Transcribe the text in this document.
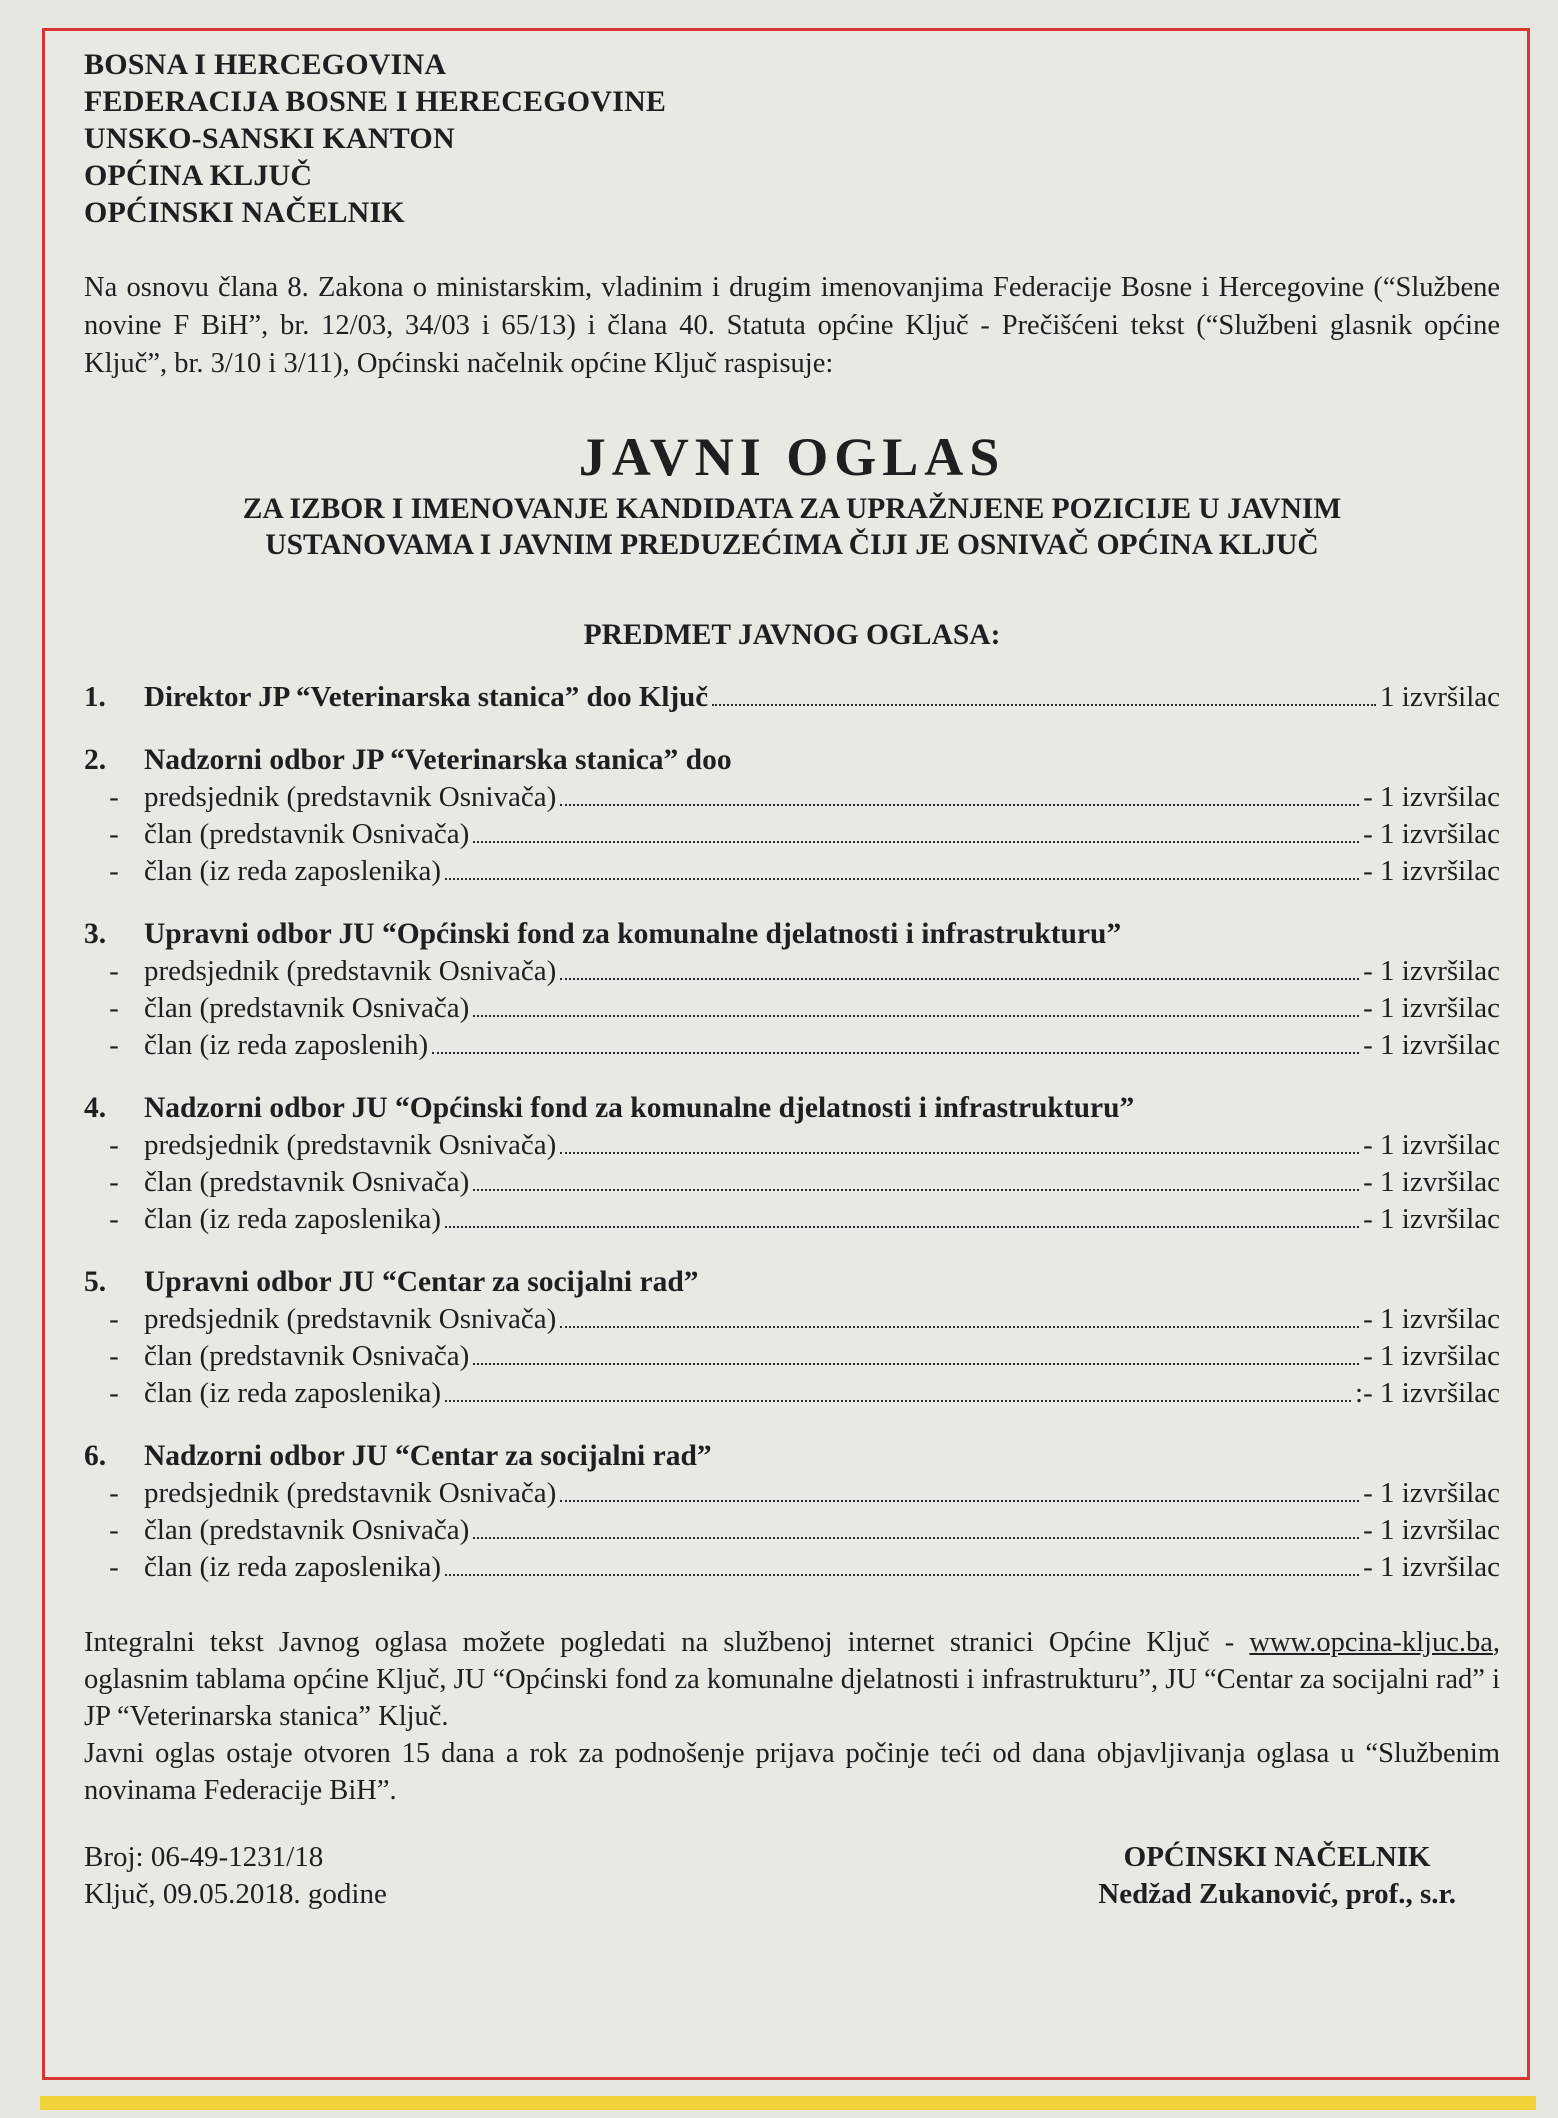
BOSNA I HERCEGOVINA
FEDERACIJA BOSNE I HERECEGOVINE
UNSKO-SANSKI KANTON
OPĆINA KLJUČ
OPĆINSKI NAČELNIK
Na osnovu člana 8. Zakona o ministarskim, vladinim i drugim imenovanjima Federacije Bosne i Hercegovine (“Službene novine F BiH”, br. 12/03, 34/03 i 65/13) i člana 40. Statuta općine Ključ - Prečišćeni tekst (“Službeni glasnik općine Ključ”, br. 3/10 i 3/11), Općinski načelnik općine Ključ raspisuje:
JAVNI OGLAS
ZA IZBOR I IMENOVANJE KANDIDATA ZA UPRAŽNJENE POZICIJE U JAVNIM
USTANOVAMA I JAVNIM PREDUZEĆIMA ČIJI JE OSNIVAČ OPĆINA KLJUČ
PREDMET JAVNOG OGLASA:
1.	Direktor JP “Veterinarska stanica” doo Ključ	1 izvršilac
2.	Nadzorni odbor JP “Veterinarska stanica” doo
- predsjednik (predstavnik Osnivača)	- 1 izvršilac
- član (predstavnik Osnivača)	- 1 izvršilac
- član (iz reda zaposlenika)	- 1 izvršilac
3.	Upravni odbor JU “Općinski fond za komunalne djelatnosti i infrastrukturu”
- predsjednik (predstavnik Osnivača)	- 1 izvršilac
- član (predstavnik Osnivača)	- 1 izvršilac
- član (iz reda zaposlenih)	- 1 izvršilac
4.	Nadzorni odbor JU “Općinski fond za komunalne djelatnosti i infrastrukturu”
- predsjednik (predstavnik Osnivača)	- 1 izvršilac
- član (predstavnik Osnivača)	- 1 izvršilac
- član (iz reda zaposlenika)	- 1 izvršilac
5.	Upravni odbor JU “Centar za socijalni rad”
- predsjednik (predstavnik Osnivača)	- 1 izvršilac
- član (predstavnik Osnivača)	- 1 izvršilac
- član (iz reda zaposlenika)	:- 1 izvršilac
6.	Nadzorni odbor JU “Centar za socijalni rad”
- predsjednik (predstavnik Osnivača)	- 1 izvršilac
- član (predstavnik Osnivača)	- 1 izvršilac
- član (iz reda zaposlenika)	- 1 izvršilac
Integralni tekst Javnog oglasa možete pogledati na službenoj internet stranici Općine Ključ - www.opcina-kljuc.ba, oglasnim tablama općine Ključ, JU “Općinski fond za komunalne djelatnosti i infrastrukturu”, JU “Centar za socijalni rad” i JP “Veterinarska stanica” Ključ.
Javni oglas ostaje otvoren 15 dana a rok za podnošenje prijava počinje teći od dana objavljivanja oglasa u “Službenim novinama Federacije BiH”.
Broj: 06-49-1231/18
Ključ, 09.05.2018. godine
OPĆINSKI NAČELNIK
Nedžad Zukanović, prof., s.r.
